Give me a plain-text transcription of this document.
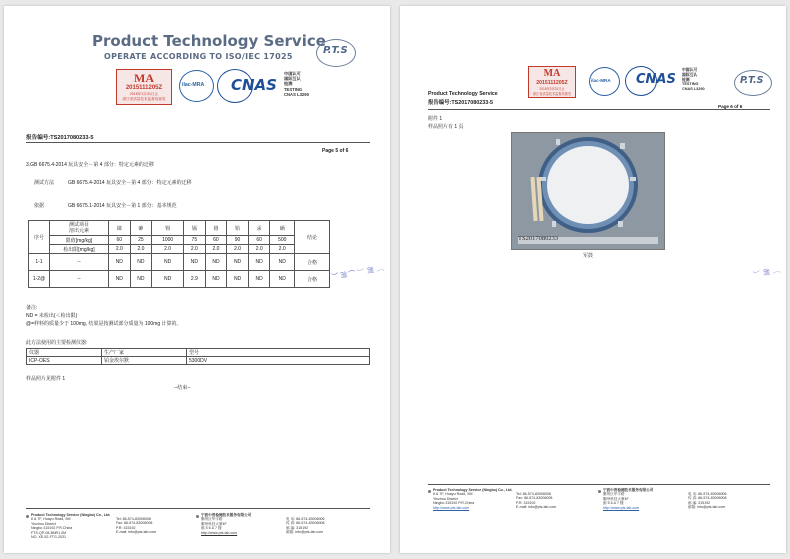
Product Technology Service
OPERATE ACCORDING TO ISO/IEC 17025
P.T.S
MA
2015111205Z
2018年3月31日止
浙江省质量技术监督局颁发
ilac-MRA CNAS
中国认可
国际互认
检测
TESTING
CNAS L3290
报告编号:TS2017080233-5
Page 5 of 6
3.GB 6675.4-2014 玩具安全－第 4 部分：特定元素的迁移
测试方法	GB 6675.4-2014 玩具安全－第 4 部分：特定元素的迁移
依据	GB 6675.1-2014 玩具安全－第 1 部分：基本规范
序号	测试项目
溶出元素	锑	砷	钡	镉	铬	铅	汞	硒	结论
	限值[mg/kg]	60	25	1000	75	60	90	60	500	
	检出限[mg/kg]	2.0	2.0	2.0	2.0	2.0	2.0	2.0	2.0	
1-1	--	ND	ND	ND	ND	ND	ND	ND	ND	合格
1-2@	--	ND	ND	ND	2.9	ND	ND	ND	ND	合格
备注:
ND = 未检出(＜检出限)
@=样料的质量少于 100mg, 结果是按测试部分质量为 100mg 计算的。
此方法使用的主要检测仪器:
仪器	生产厂家	型号
ICP-OES	铂金埃尔默	5300DV
样品照片见附件 1
--结束--
〔 测 〕( 测 )
Product Technology Service (Ningbo) Co., Ltd.
6 & 7F, Huayu Road, SM
Yinzhou District
Ningbo 315192 P.R.China
FTS-QP-08-BNR1.0M
NO. XE-52-FTG-2031
Tel: 86-574-83006006
Fax: 86-574-83006008
P.R: 315192
E-mail: info@pts-lab.com
宁波中普检测技术服务有限公司
鄞州区华宇路
鄞州科技大厦4F
邮 5 6 & 7 楼
http://www.pts-lab.com
电 话: 86-574-83006006
传 真: 86-574-83006008
邮 编: 315192
邮箱: info@pts-lab.com
MA
2015111205Z
2018年3月31日止
浙江省质量技术监督局颁发
ilac-MRA CNAS
中国认可
国际互认
检测
TESTING
CNAS L3290
P.T.S
Product Technology Service
报告编号:TS2017080233-5
Page 6 of 6
附件 1
样品照片有 1 页
TS2017080233
军鼓
〔 测 〕
Product Technology Service (Ningbo) Co., Ltd.
6 & 7F, Huayu Road, SM
Yinzhou District
Ningbo 315192 P.R.China
http://www.pts-lab.com
Tel: 86-574-83006006
Fax: 86-574-83006008
P.R: 315192
E-mail: info@pts-lab.com
宁波中普检测技术服务有限公司
鄞州区华宇路
鄞州科技大厦4F
邮 5 6 & 7 楼
http://www.pts-lab.com
电 话: 86-574-83006006
传 真: 86-574-83006008
邮 编: 315192
邮箱: info@pts-lab.com
